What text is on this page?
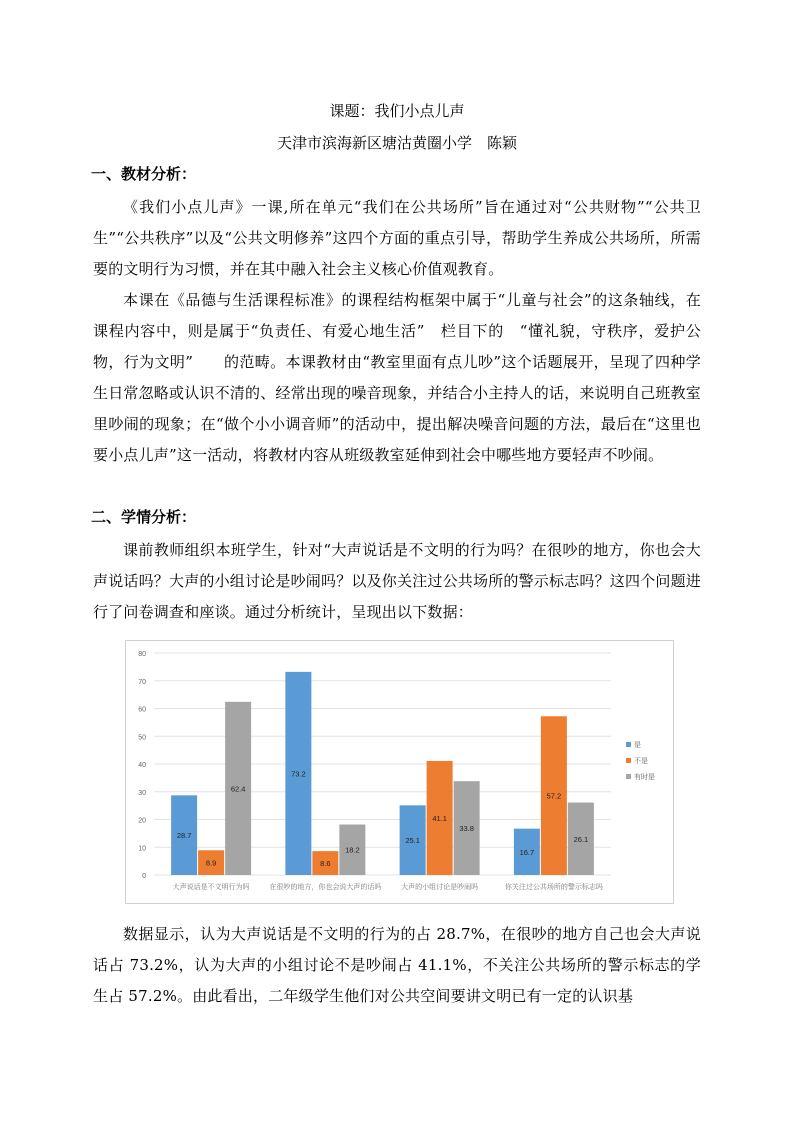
课题：我们小点儿声
天津市滨海新区塘沽黄圈小学　陈颖
一、教材分析：

《我们小点儿声》一课,所在单元“我们在公共场所”旨在通过对“公共财物”“公共卫生”“公共秩序”以及“公共文明修养”这四个方面的重点引导，帮助学生养成公共场所，所需要的文明行为习惯，并在其中融入社会主义核心价值观教育。

本课在《品德与生活课程标准》的课程结构框架中属于“儿童与社会”的这条轴线，在课程内容中，则是属于“负责任、有爱心地生活”　栏目下的　“懂礼貌，守秩序，爱护公物，行为文明”　　的范畴。本课教材由“教室里面有点儿吵”这个话题展开，呈现了四种学生日常忽略或认识不清的、经常出现的噪音现象，并结合小主持人的话，来说明自己班教室里吵闹的现象；在“做个小小调音师”的活动中，提出解决噪音问题的方法，最后在“这里也要小点儿声”这一活动，将教材内容从班级教室延伸到社会中哪些地方要轻声不吵闹。

二、学情分析：

课前教师组织本班学生，针对“大声说话是不文明的行为吗？在很吵的地方，你也会大声说话吗？大声的小组讨论是吵闹吗？以及你关注过公共场所的警示标志吗？这四个问题进行了问卷调查和座谈。通过分析统计，呈现出以下数据：

0
10
20
30
40
50
60
70
80
28.7
8.9
62.4
大声说话是不文明行为吗
73.2
8.6
18.2
在很吵的地方，你也会说大声的话吗
25.1
41.1
33.8
大声的小组讨论是吵闹吗
16.7
57.2
26.1
你关注过公共场所的警示标志吗
是
不是
有时是

数据显示，认为大声说话是不文明的行为的占 28.7%，在很吵的地方自己也会大声说话占 73.2%，认为大声的小组讨论不是吵闹占 41.1%，不关注公共场所的警示标志的学生占 57.2%。由此看出，二年级学生他们对公共空间要讲文明已有一定的认识基
